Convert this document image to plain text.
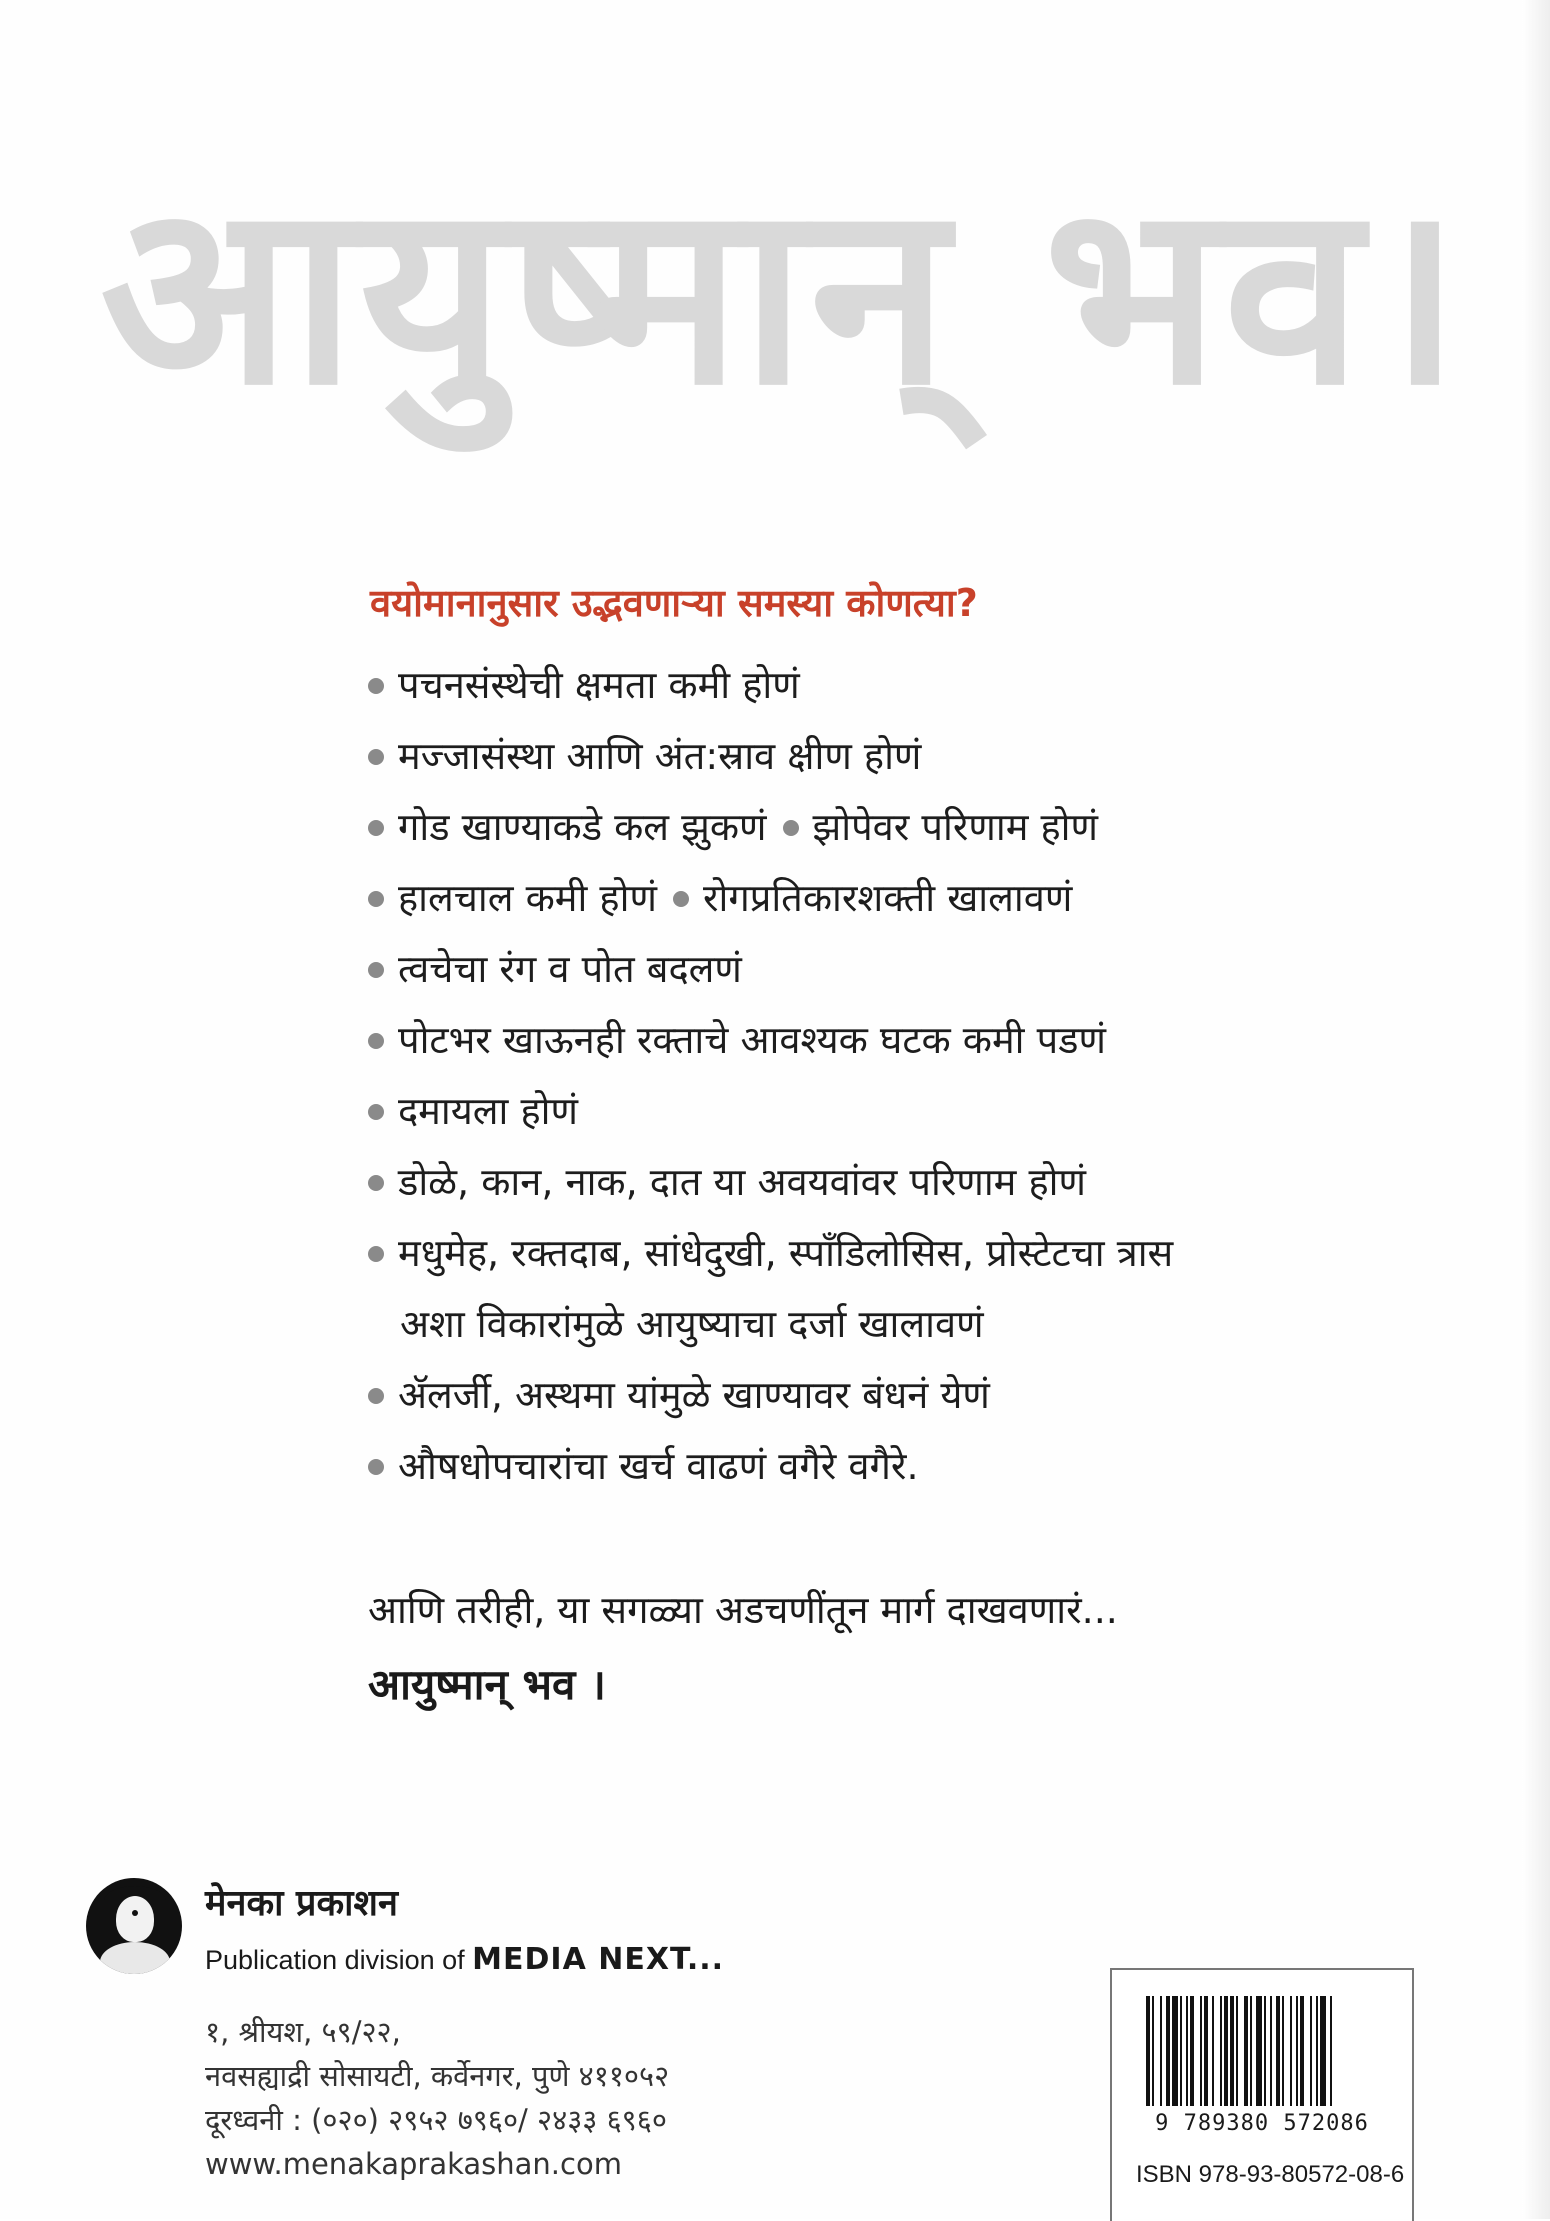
आयुष्मान् भव।
वयोमानानुसार उद्भवणाऱ्या समस्या कोणत्या?
पचनसंस्थेची क्षमता कमी होणं
मज्जासंस्था आणि अंत:स्राव क्षीण होणं
गोड खाण्याकडे कल झुकणं झोपेवर परिणाम होणं
हालचाल कमी होणं रोगप्रतिकारशक्ती खालावणं
त्वचेचा रंग व पोत बदलणं
पोटभर खाऊनही रक्ताचे आवश्यक घटक कमी पडणं
दमायला होणं
डोळे, कान, नाक, दात या अवयवांवर परिणाम होणं
मधुमेह, रक्तदाब, सांधेदुखी, स्पाँडिलोसिस, प्रोस्टेटचा त्रास
अशा विकारांमुळे आयुष्याचा दर्जा खालावणं
ॲलर्जी, अस्थमा यांमुळे खाण्यावर बंधनं येणं
औषधोपचारांचा खर्च वाढणं वगैरे वगैरे.
आणि तरीही, या सगळ्या अडचणींतून मार्ग दाखवणारं...
आयुष्मान् भव ।
मेनका प्रकाशन
Publication division of MEDIA NEXT...
१, श्रीयश, ५९/२२,
नवसह्याद्री सोसायटी, कर्वेनगर, पुणे ४११०५२
दूरध्वनी : (०२०) २९५२ ७९६०/ २४३३ ६९६०
www.menakaprakashan.com
9 789380 572086
ISBN 978-93-80572-08-6
